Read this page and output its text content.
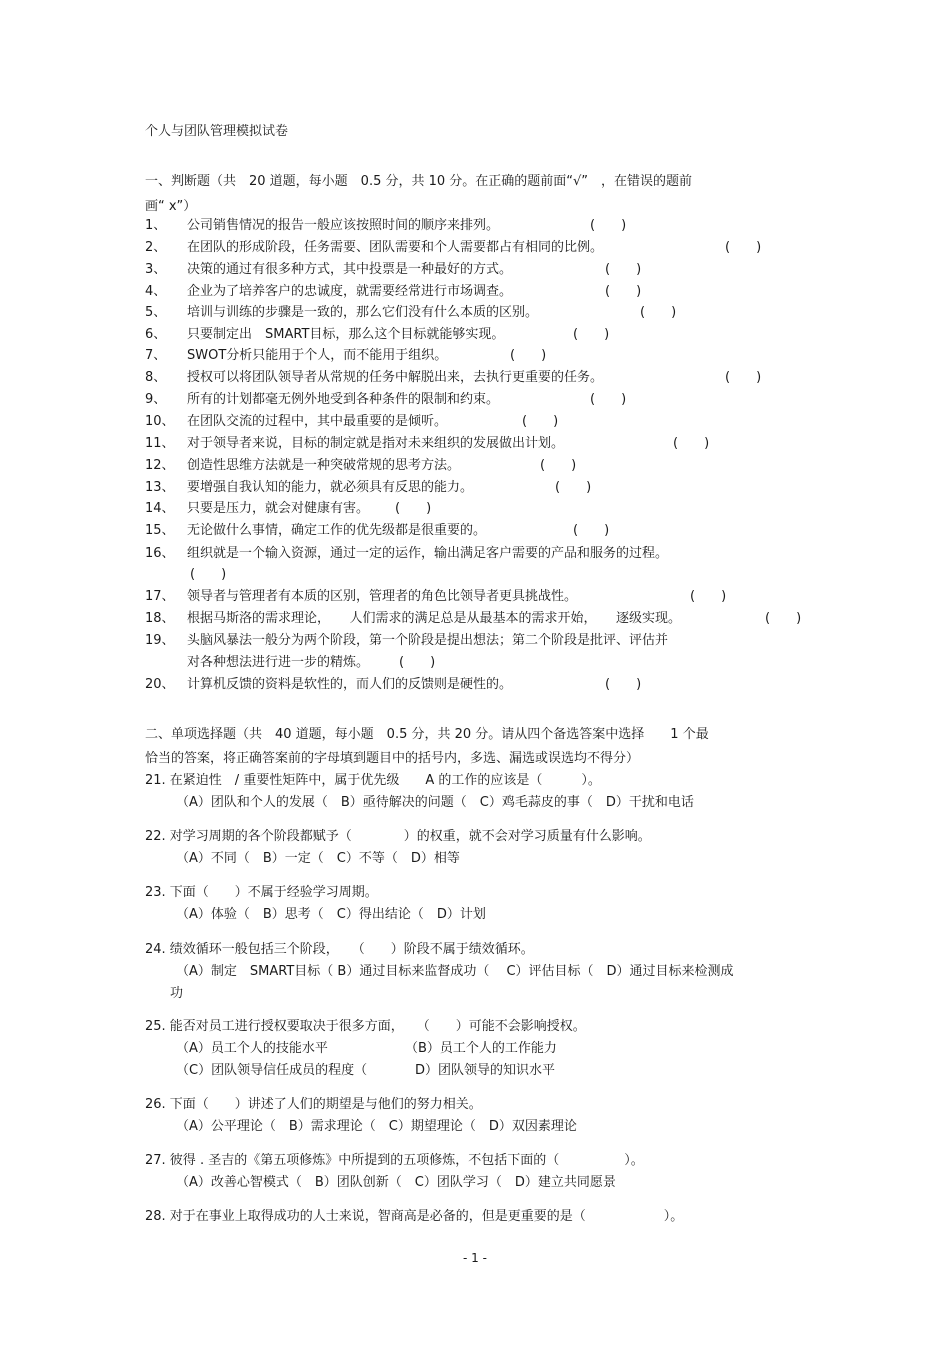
个人与团队管理模拟试卷
一、判断题（共　20 道题，每小题　0.5 分，共 10 分。在正确的题前面“√”　，在错误的题前
画“ x”）
1、 公司销售情况的报告一般应该按照时间的顺序来排列。	(　　)
2、 在团队的形成阶段，任务需要、团队需要和个人需要都占有相同的比例。	(　　)
3、 决策的通过有很多种方式，其中投票是一种最好的方式。	(　　)
4、 企业为了培养客户的忠诚度，就需要经常进行市场调查。	(　　)
5、 培训与训练的步骤是一致的，那么它们没有什么本质的区别。	(　　)
6、 只要制定出　SMART目标，那么这个目标就能够实现。	(　　)
7、 SWOT分析只能用于个人，而不能用于组织。	(　　)
8、 授权可以将团队领导者从常规的任务中解脱出来，去执行更重要的任务。	(　　)
9、 所有的计划都毫无例外地受到各种条件的限制和约束。	(　　)
10、 在团队交流的过程中，其中最重要的是倾听。	(　　)
11、 对于领导者来说，目标的制定就是指对未来组织的发展做出计划。	(　　)
12、 创造性思维方法就是一种突破常规的思考方法。	(　　)
13、 要增强自我认知的能力，就必须具有反思的能力。	(　　)
14、 只要是压力，就会对健康有害。 (　　)
15、 无论做什么事情，确定工作的优先级都是很重要的。	(　　)
16、 组织就是一个输入资源，通过一定的运作，输出满足客户需要的产品和服务的过程。
(　　)
17、 领导者与管理者有本质的区别，管理者的角色比领导者更具挑战性。	(　　)
18、 根据马斯洛的需求理论，　　人们需求的满足总是从最基本的需求开始，　　逐级实现。	(　　)
19、 头脑风暴法一般分为两个阶段，第一个阶段是提出想法；第二个阶段是批评、评估并
对各种想法进行进一步的精炼。 (　　)
20、 计算机反馈的资料是软性的，而人们的反馈则是硬性的。	(　　)
二、单项选择题（共　40 道题，每小题　0.5 分，共 20 分。请从四个备选答案中选择　　1 个最
恰当的答案，将正确答案前的字母填到题目中的括号内，多选、漏选或误选均不得分）
21. 在紧迫性　/ 重要性矩阵中，属于优先级　　A 的工作的应该是（　　　）。
（A）团队和个人的发展（　B）亟待解决的问题（　C）鸡毛蒜皮的事（　D）干扰和电话
22. 对学习周期的各个阶段都赋予（　　　　）的权重，就不会对学习质量有什么影响。
（A）不同（　B）一定（　C）不等（　D）相等
23. 下面（　　）不属于经验学习周期。
（A）体验（　B）思考（　C）得出结论（　D）计划
24. 绩效循环一般包括三个阶段，　　（　　）阶段不属于绩效循环。
（A）制定　SMART目标（ B）通过目标来监督成功（　 C）评估目标（　D）通过目标来检测成
功
25. 能否对员工进行授权要取决于很多方面，　　（　　）可能不会影响授权。
（A）员工个人的技能水平	（B）员工个人的工作能力
（C）团队领导信任成员的程度（	D）团队领导的知识水平
26. 下面（　　）讲述了人们的期望是与他们的努力相关。
（A）公平理论（　B）需求理论（　C）期望理论（　D）双因素理论
27. 彼得 . 圣吉的《第五项修炼》中所提到的五项修炼，不包括下面的（　　　　　）。
（A）改善心智模式（　B）团队创新（　C）团队学习（　D）建立共同愿景
28. 对于在事业上取得成功的人士来说，智商高是必备的，但是更重要的是（　　　　　　）。
- 1 -
